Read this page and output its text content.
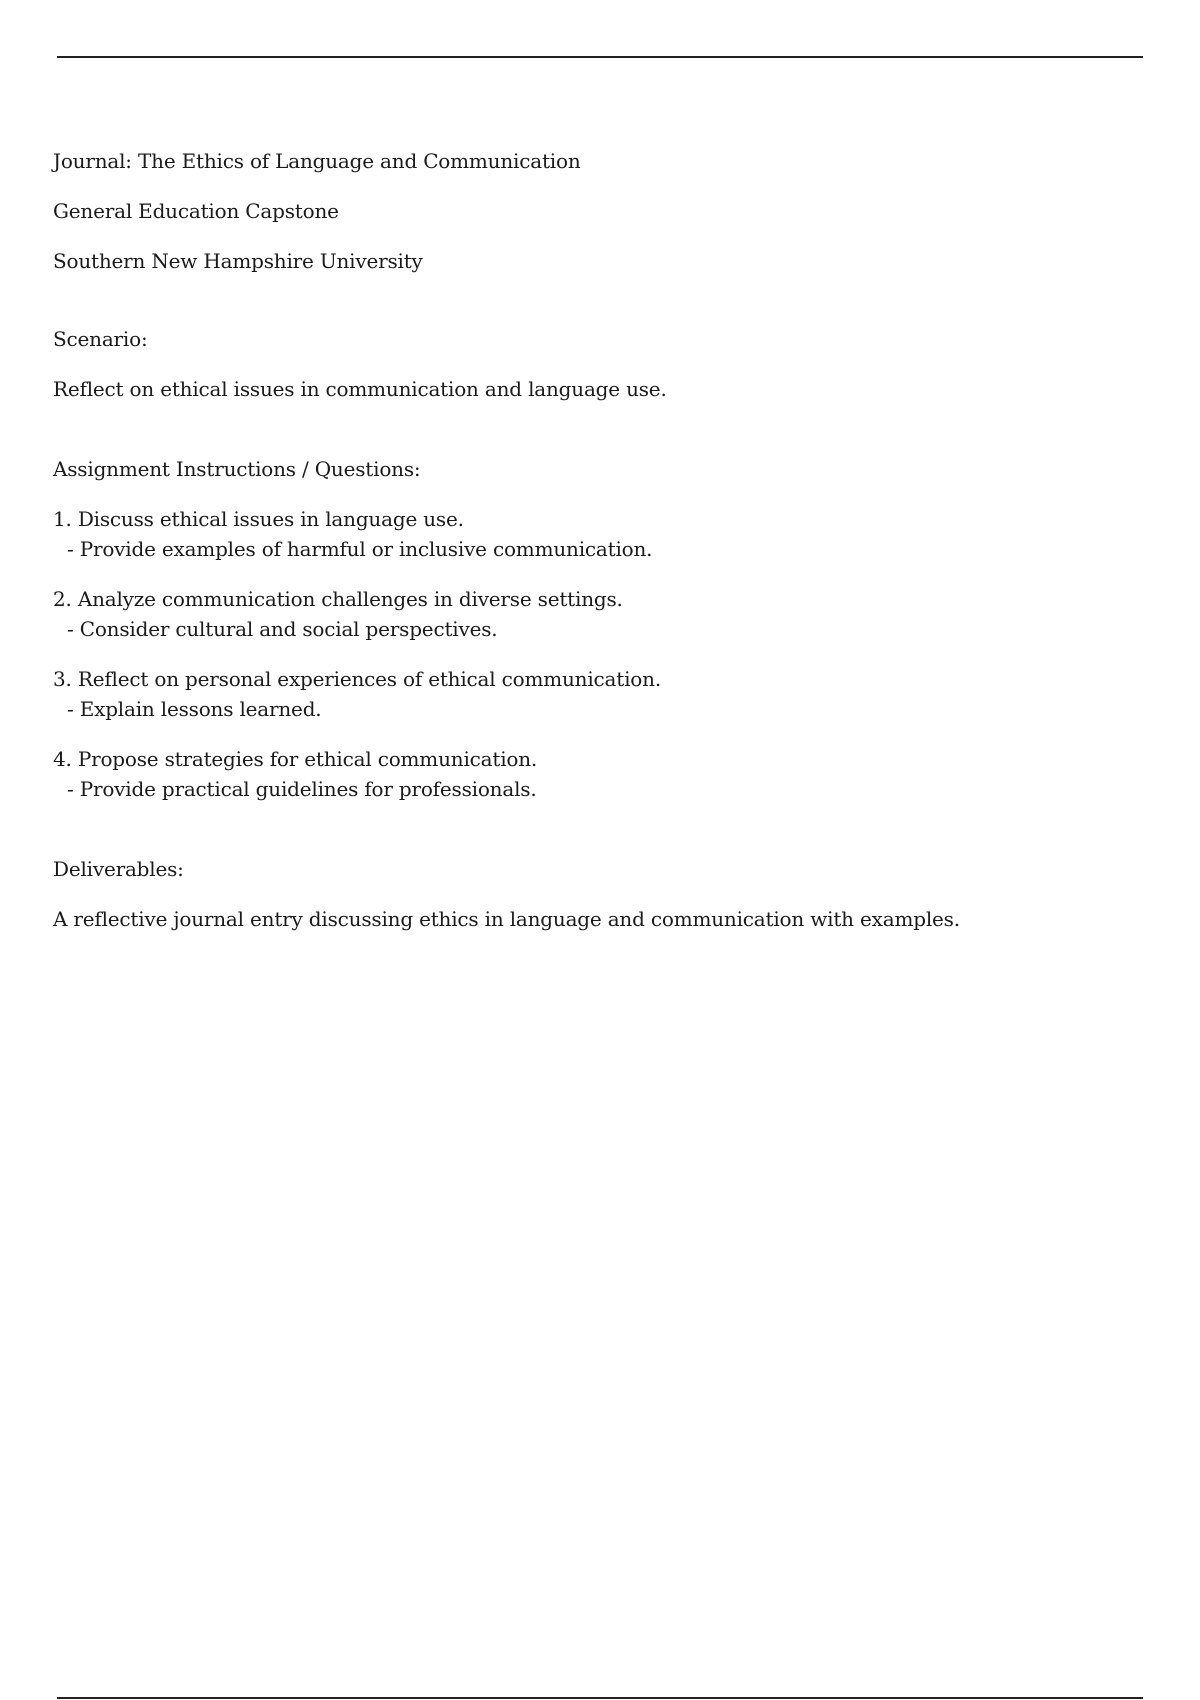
Journal: The Ethics of Language and Communication

General Education Capstone

Southern New Hampshire University

Scenario:

Reflect on ethical issues in communication and language use.

Assignment Instructions / Questions:

1. Discuss ethical issues in language use.

- Provide examples of harmful or inclusive communication.

2. Analyze communication challenges in diverse settings.

- Consider cultural and social perspectives.

3. Reflect on personal experiences of ethical communication.

- Explain lessons learned.

4. Propose strategies for ethical communication.

- Provide practical guidelines for professionals.

Deliverables:

A reflective journal entry discussing ethics in language and communication with examples.
